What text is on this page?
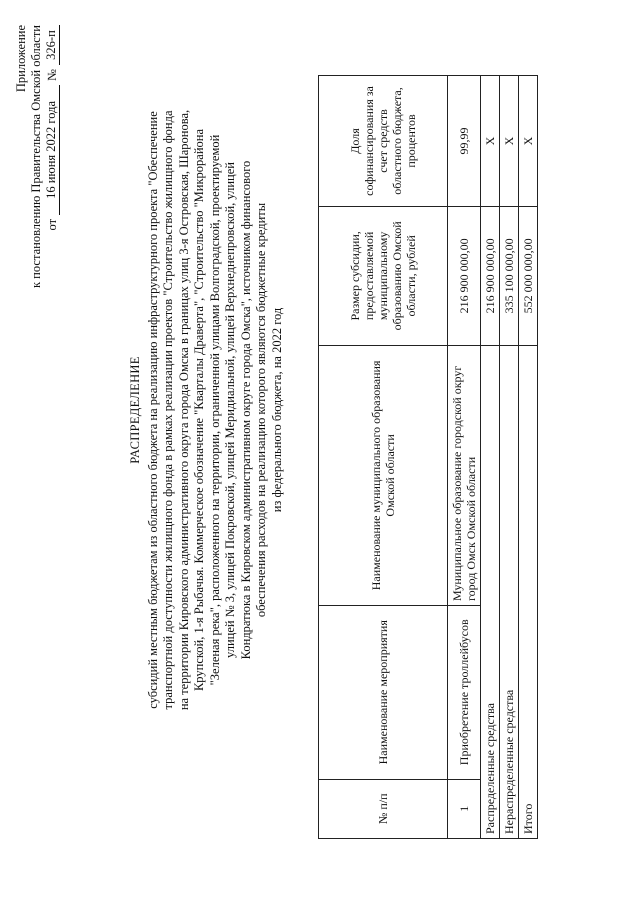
Приложение к постановлению Правительства Омской области от
16 июня 2022 года
№
326-п
РАСПРЕДЕЛЕНИЕ субсидий местным бюджетам из областного бюджета на реализацию инфраструктурного проекта "Обеспечение транспортной доступности жилищного фонда в рамках реализации проектов "Строительство жилищного фонда на территории Кировского административного округа города Омска в границах улиц 3-я Островская, Шаронова, Крупской, 1-я Рыбачья. Коммерческое обозначение "Кварталы Драверта", "Строительство "Микрорайона "Зеленая река", расположенного на территории, ограниченной улицами Волгоградской, проектируемой улицей № 3, улицей Покровской, улицей Меридиальной, улицей Верхнеднепровской, улицей Кондратюка в Кировском административном округе города Омска", источником финансового обеспечения расходов на реализацию которого являются бюджетные кредиты из федерального бюджета, на 2022 год

№ п/п	Наименование мероприятия	Наименование муниципального образования Омской области	Размер субсидии, предоставляемой муниципальному образованию Омской области, рублей	Доля софинансирования за счет средств областного бюджета, процентов
1	Приобретение троллейбусов	Муниципальное образование городской округ город Омск Омской области	216 900 000,00	99,99
Распределенные средства			216 900 000,00	X
Нераспределенные средства			335 100 000,00	X
Итого			552 000 000,00	X
